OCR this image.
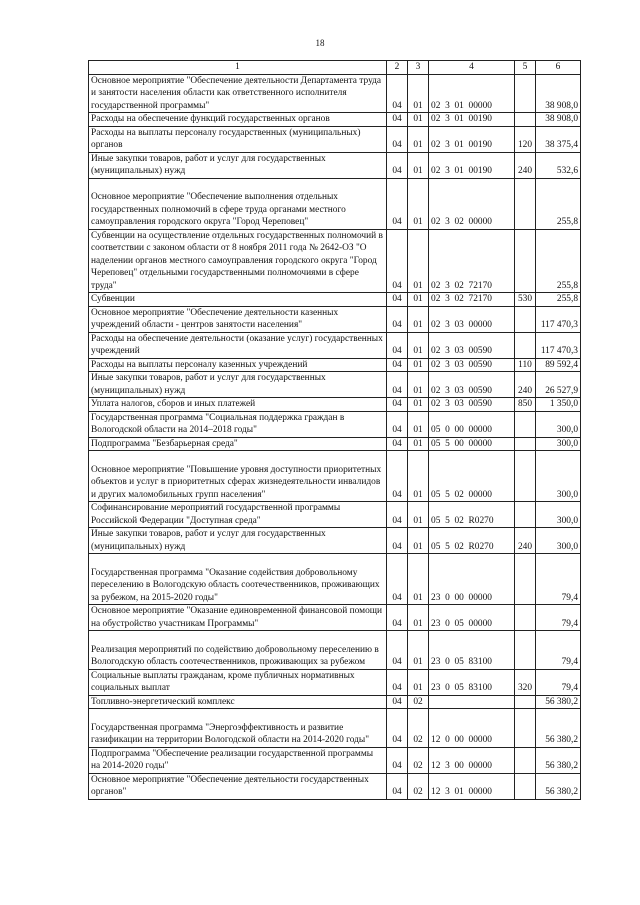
18
1	2	3	4	5	6
Основное мероприятие "Обеспечение деятельности Департамента труда и занятости населения области как ответственного исполнителя государственной программы"	04	01	02  3  01  00000		38 908,0
Расходы на обеспечение функций государственных органов	04	01	02  3  01  00190		38 908,0
Расходы на выплаты персоналу государственных (муниципальных) органов	04	01	02  3  01  00190	120	38 375,4
Иные закупки товаров, работ и услуг для государственных (муниципальных) нужд	04	01	02  3  01  00190	240	532,6
Основное мероприятие "Обеспечение выполнения отдельных государственных полномочий в сфере труда органами местного самоуправления городского округа "Город Череповец"	04	01	02  3  02  00000		255,8
Субвенции на осуществление отдельных государственных полномочий в соответствии с законом области от 8 ноября 2011 года № 2642-ОЗ "О наделении органов местного самоуправления городского округа "Город Череповец" отдельными государственными полномочиями в сфере труда"	04	01	02  3  02  72170		255,8
Субвенции	04	01	02  3  02  72170	530	255,8
Основное мероприятие "Обеспечение деятельности казенных учреждений области - центров занятости населения"	04	01	02  3  03  00000		117 470,3
Расходы на обеспечение деятельности (оказание услуг) государственных учреждений	04	01	02  3  03  00590		117 470,3
Расходы на выплаты персоналу казенных учреждений	04	01	02  3  03  00590	110	89 592,4
Иные закупки товаров, работ и услуг для государственных (муниципальных) нужд	04	01	02  3  03  00590	240	26 527,9
Уплата налогов, сборов и иных платежей	04	01	02  3  03  00590	850	1 350,0
Государственная программа "Социальная поддержка граждан в Вологодской области на 2014–2018 годы"	04	01	05  0  00  00000		300,0
Подпрограмма "Безбарьерная среда"	04	01	05  5  00  00000		300,0
Основное мероприятие "Повышение уровня доступности приоритетных объектов и услуг в приоритетных сферах жизнедеятельности инвалидов и других маломобильных групп населения"	04	01	05  5  02  00000		300,0
Софинансирование мероприятий государственной программы Российской Федерации "Доступная среда"	04	01	05  5  02  R0270		300,0
Иные закупки товаров, работ и услуг для государственных (муниципальных) нужд	04	01	05  5  02  R0270	240	300,0
Государственная программа "Оказание содействия добровольному переселению в Вологодскую область соотечественников, проживающих за рубежом, на 2015-2020 годы"	04	01	23  0  00  00000		79,4
Основное мероприятие "Оказание единовременной финансовой помощи на обустройство участникам Программы"	04	01	23  0  05  00000		79,4
Реализация мероприятий по содействию добровольному переселению в Вологодскую область соотечественников, проживающих за рубежом	04	01	23  0  05  83100		79,4
Социальные выплаты гражданам, кроме публичных нормативных социальных выплат	04	01	23  0  05  83100	320	79,4
Топливно-энергетический комплекс	04	02			56 380,2
Государственная программа "Энергоэффективность и развитие газификации на территории Вологодской области на 2014-2020 годы"	04	02	12  0  00  00000		56 380,2
Подпрограмма "Обеспечение реализации государственной программы на 2014-2020 годы"	04	02	12  3  00  00000		56 380,2
Основное мероприятие "Обеспечение деятельности государственных органов"	04	02	12  3  01  00000		56 380,2
